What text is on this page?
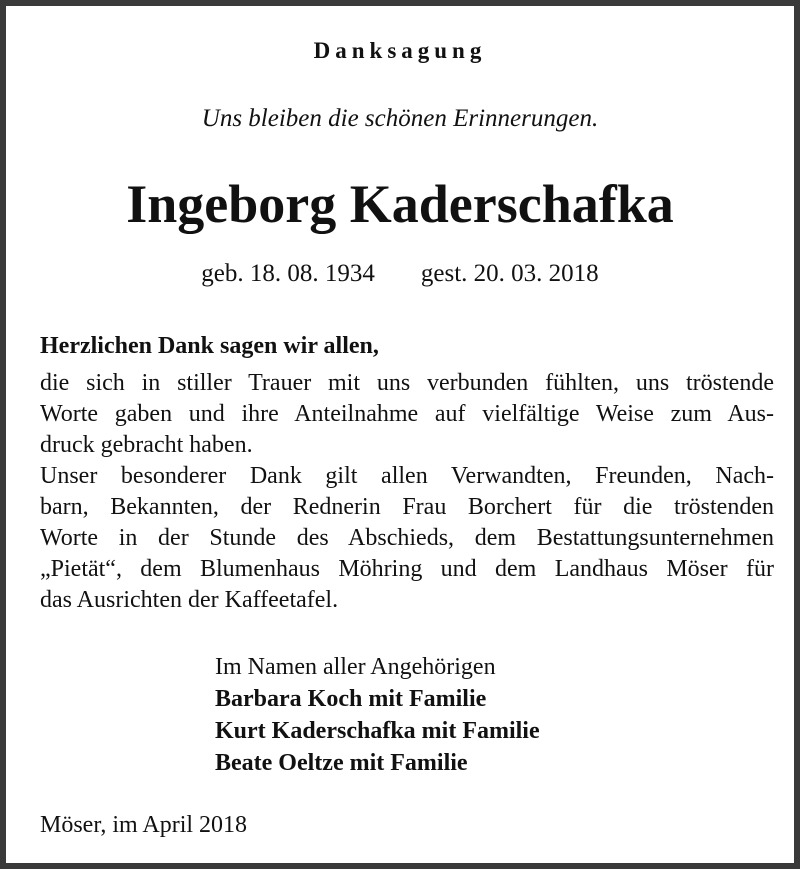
Danksagung
Uns bleiben die schönen Erinnerungen.
Ingeborg Kaderschafka
geb. 18. 08. 1934 gest. 20. 03. 2018
Herzlichen Dank sagen wir allen,
die sich in stiller Trauer mit uns verbunden fühlten, uns tröstende
Worte gaben und ihre Anteilnahme auf vielfältige Weise zum Aus-
druck gebracht haben.
Unser besonderer Dank gilt allen Verwandten, Freunden, Nach-
barn, Bekannten, der Rednerin Frau Borchert für die tröstenden
Worte in der Stunde des Abschieds, dem Bestattungsunternehmen
„Pietät“, dem Blumenhaus Möhring und dem Landhaus Möser für
das Ausrichten der Kaffeetafel.
Im Namen aller Angehörigen
Barbara Koch mit Familie
Kurt Kaderschafka mit Familie
Beate Oeltze mit Familie
Möser, im April 2018
